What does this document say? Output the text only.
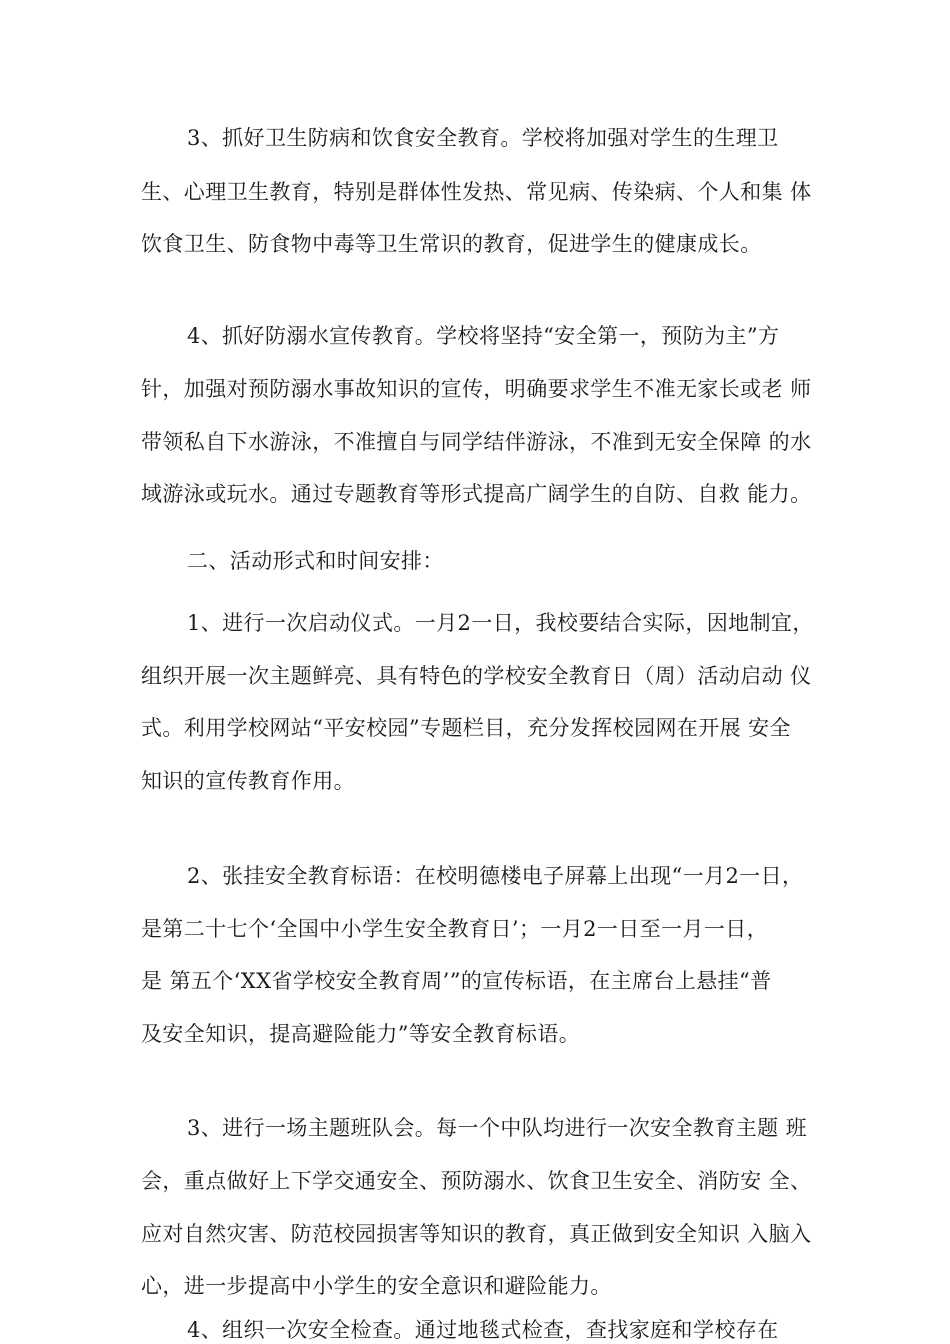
3、抓好卫生防病和饮食安全教育。学校将加强对学生的生理卫
生、心理卫生教育，特别是群体性发热、常见病、传染病、个人和集 体
饮食卫生、防食物中毒等卫生常识的教育，促进学生的健康成长。
4、抓好防溺水宣传教育。学校将坚持“安全第一，预防为主”方
针，加强对预防溺水事故知识的宣传，明确要求学生不准无家长或老 师
带领私自下水游泳，不准擅自与同学结伴游泳，不准到无安全保障 的水
域游泳或玩水。通过专题教育等形式提高广阔学生的自防、自救 能力。
二、活动形式和时间安排：
1、进行一次启动仪式。一月2一日，我校要结合实际，因地制宜，
组织开展一次主题鲜亮、具有特色的学校安全教育日（周）活动启动 仪
式。利用学校网站“平安校园”专题栏目，充分发挥校园网在开展 安全
知识的宣传教育作用。
2、张挂安全教育标语：在校明德楼电子屏幕上出现“一月2一日，
是第二十七个‘全国中小学生安全教育日’；一月2一日至一月一日，
是 第五个‘XX省学校安全教育周’”的宣传标语，在主席台上悬挂“普
及安全知识，提高避险能力”等安全教育标语。
3、进行一场主题班队会。每一个中队均进行一次安全教育主题 班
会，重点做好上下学交通安全、预防溺水、饮食卫生安全、消防安 全、
应对自然灾害、防范校园损害等知识的教育，真正做到安全知识 入脑入
心，进一步提高中小学生的安全意识和避险能力。
4、组织一次安全检查。通过地毯式检查，查找家庭和学校存在
